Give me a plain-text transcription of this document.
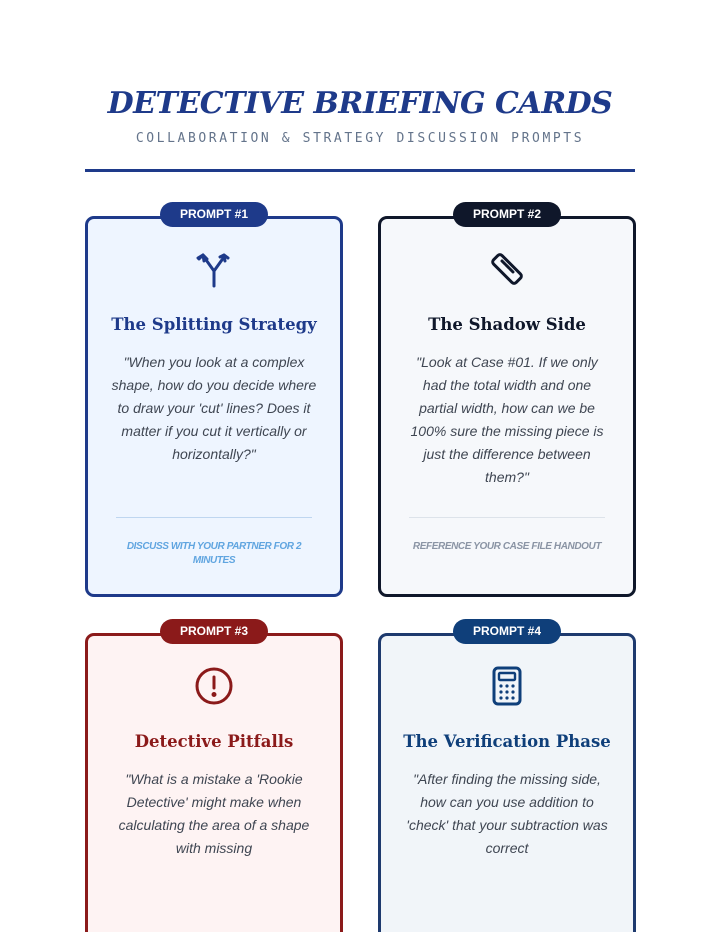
DETECTIVE BRIEFING CARDS
COLLABORATION & STRATEGY DISCUSSION PROMPTS
PROMPT #1
The Splitting Strategy
"When you look at a complex shape, how do you decide where to draw your 'cut' lines? Does it matter if you cut it vertically or horizontally?"
DISCUSS WITH YOUR PARTNER FOR 2 MINUTES
PROMPT #2
The Shadow Side
"Look at Case #01. If we only had the total width and one partial width, how can we be 100% sure the missing piece is just the difference between them?"
REFERENCE YOUR CASE FILE HANDOUT
PROMPT #3
Detective Pitfalls
"What is a mistake a 'Rookie Detective' might make when calculating the area of a shape with missing
PROMPT #4
The Verification Phase
"After finding the missing side, how can you use addition to 'check' that your subtraction was correct
